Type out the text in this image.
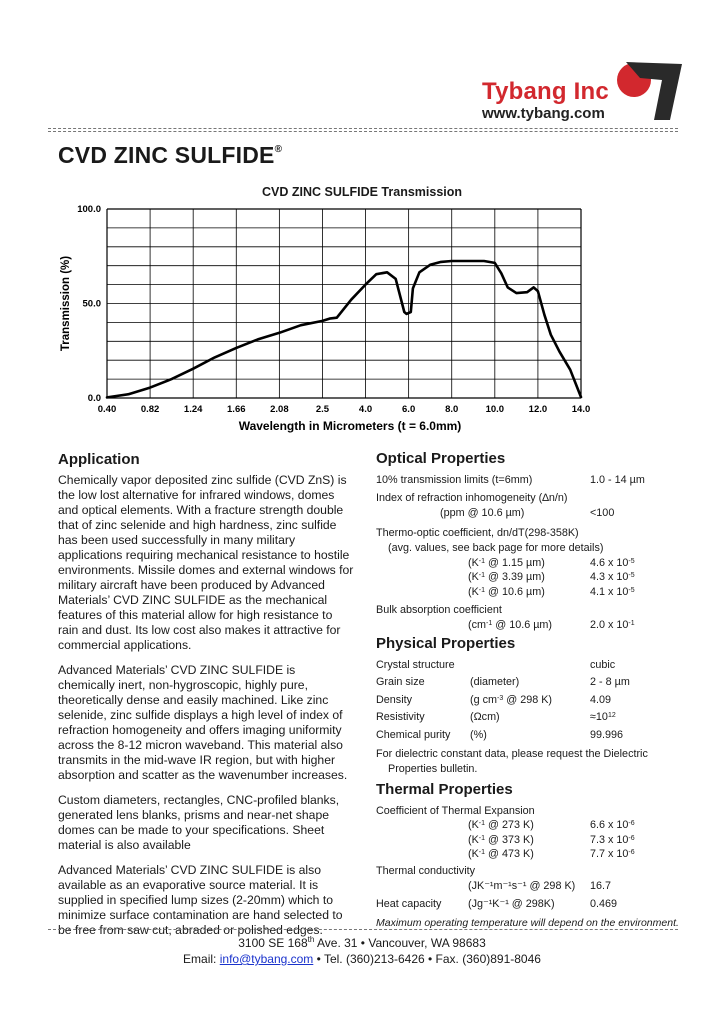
Tybang Inc
www.tybang.com
CVD ZINC SULFIDE®
CVD ZINC SULFIDE Transmission
0.40	0.82	1.24	1.66	2.08	2.5	4.0	6.0	8.0	10.0	12.0	14.0
0.0
50.0
100.0
Wavelength in Micrometers (t = 6.0mm)
Transmission (%)
Application

Chemically vapor deposited zinc sulfide (CVD ZnS) is the low lost alternative for infrared windows, domes and optical elements. With a fracture strength double that of zinc selenide and high hardness, zinc sulfide has been used successfully in many military applications requiring mechanical resistance to hostile environments. Missile domes and external windows for military aircraft have been produced by Advanced Materials’ CVD ZINC SULFIDE as the mechanical features of this material allow for high resistance to rain and dust. Its low cost also makes it attractive for commercial applications.

Advanced Materials’ CVD ZINC SULFIDE is chemically inert, non-hygroscopic, highly pure, theoretically dense and easily machined. Like zinc selenide, zinc sulfide displays a high level of index of refraction homogeneity and offers imaging uniformity across the 8-12 micron waveband. This material also transmits in the mid-wave IR region, but with higher absorption and scatter as the wavenumber increases.

Custom diameters, rectangles, CNC-profiled blanks, generated lens blanks, prisms and near-net shape domes can be made to your specifications. Sheet material is also available

Advanced Materials’ CVD ZINC SULFIDE is also available as an evaporative source material. It is supplied in specified lump sizes (2-20mm) which to minimize surface contamination are hand selected to be free from saw cut, abraded or polished edges.

Optical Properties
10% transmission limits (t=6mm)	1.0 - 14 µm
Index of refraction inhomogeneity (∆n/n)
(ppm @ 10.6 µm)	<100
Thermo-optic coefficient, dn/dT(298-358K)
(avg. values, see back page for more details)
($K^{-1}$ @ 1.15 µm)	4.6 x $10^{-5}$
($K^{-1}$ @ 3.39 µm)	4.3 x $10^{-5}$
($K^{-1}$ @ 10.6 µm)	4.1 x $10^{-5}$
Bulk absorption coefficient
($cm^{-1}$ @ 10.6 µm)	2.0 x $10^{-1}$
Physical Properties
Crystal structure	cubic
Grain size	(diameter)	2 - 8 µm
Density	(g $cm^{-3}$ @ 298 K)	4.09
Resistivity	(Ωcm)	$\approx 10^{12}$
Chemical purity (%)	99.996
For dielectric constant data, please request the Dielectric
Properties bulletin.
Thermal Properties
Coefficient of Thermal Expansion
($K^{-1}$ @ 273 K)	6.6 x $10^{-6}$
($K^{-1}$ @ 373 K)	7.3 x $10^{-6}$
($K^{-1}$ @ 473 K)	7.7 x $10^{-6}$
Thermal conductivity
(JK⁻¹m⁻¹s⁻¹ @ 298 K) 16.7
Heat capacity (Jg⁻¹K⁻¹ @ 298K)	0.469
Maximum operating temperature will depend on the environment.
3100 SE 168th Ave. 31 • Vancouver, WA 98683
Email: info@tybang.com • Tel. (360)213-6426 • Fax. (360)891-8046
